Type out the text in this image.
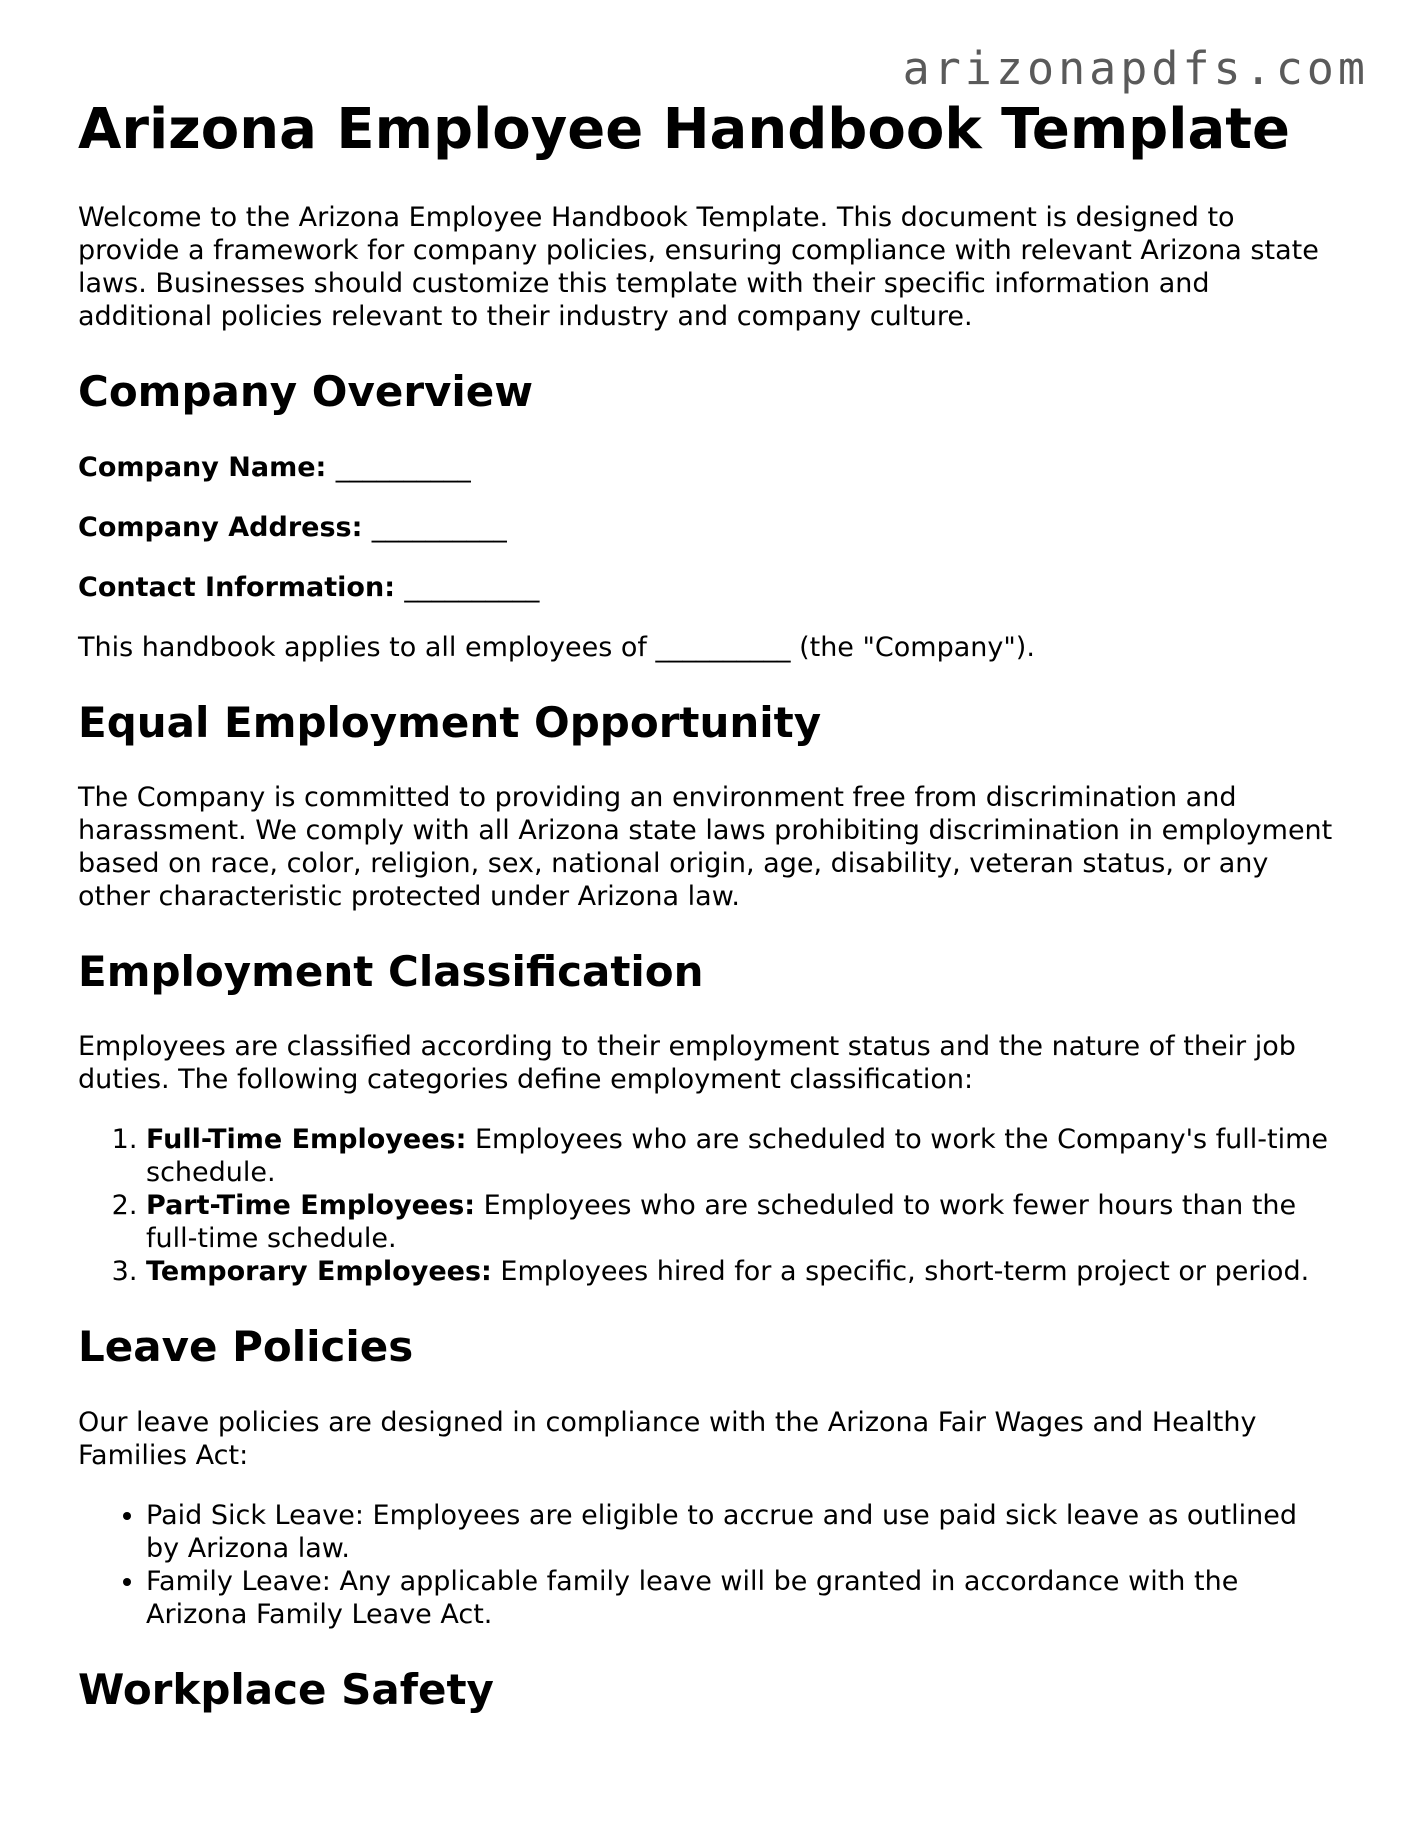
arizonapdfs.com
Arizona Employee Handbook Template

Welcome to the Arizona Employee Handbook Template. This document is designed to provide a framework for company policies, ensuring compliance with relevant Arizona state laws. Businesses should customize this template with their specific information and additional policies relevant to their industry and company culture.

Company Overview

Company Name: __________

Company Address: __________

Contact Information: __________

This handbook applies to all employees of __________ (the "Company").

Equal Employment Opportunity

The Company is committed to providing an environment free from discrimination and harassment. We comply with all Arizona state laws prohibiting discrimination in employment based on race, color, religion, sex, national origin, age, disability, veteran status, or any other characteristic protected under Arizona law.

Employment Classification

Employees are classified according to their employment status and the nature of their job duties. The following categories define employment classification:

1. Full-Time Employees: Employees who are scheduled to work the Company's full-time schedule.
2. Part-Time Employees: Employees who are scheduled to work fewer hours than the full-time schedule.
3. Temporary Employees: Employees hired for a specific, short-term project or period.
Leave Policies

Our leave policies are designed in compliance with the Arizona Fair Wages and Healthy Families Act:

• Paid Sick Leave: Employees are eligible to accrue and use paid sick leave as outlined by Arizona law.
• Family Leave: Any applicable family leave will be granted in accordance with the Arizona Family Leave Act.
Workplace Safety
